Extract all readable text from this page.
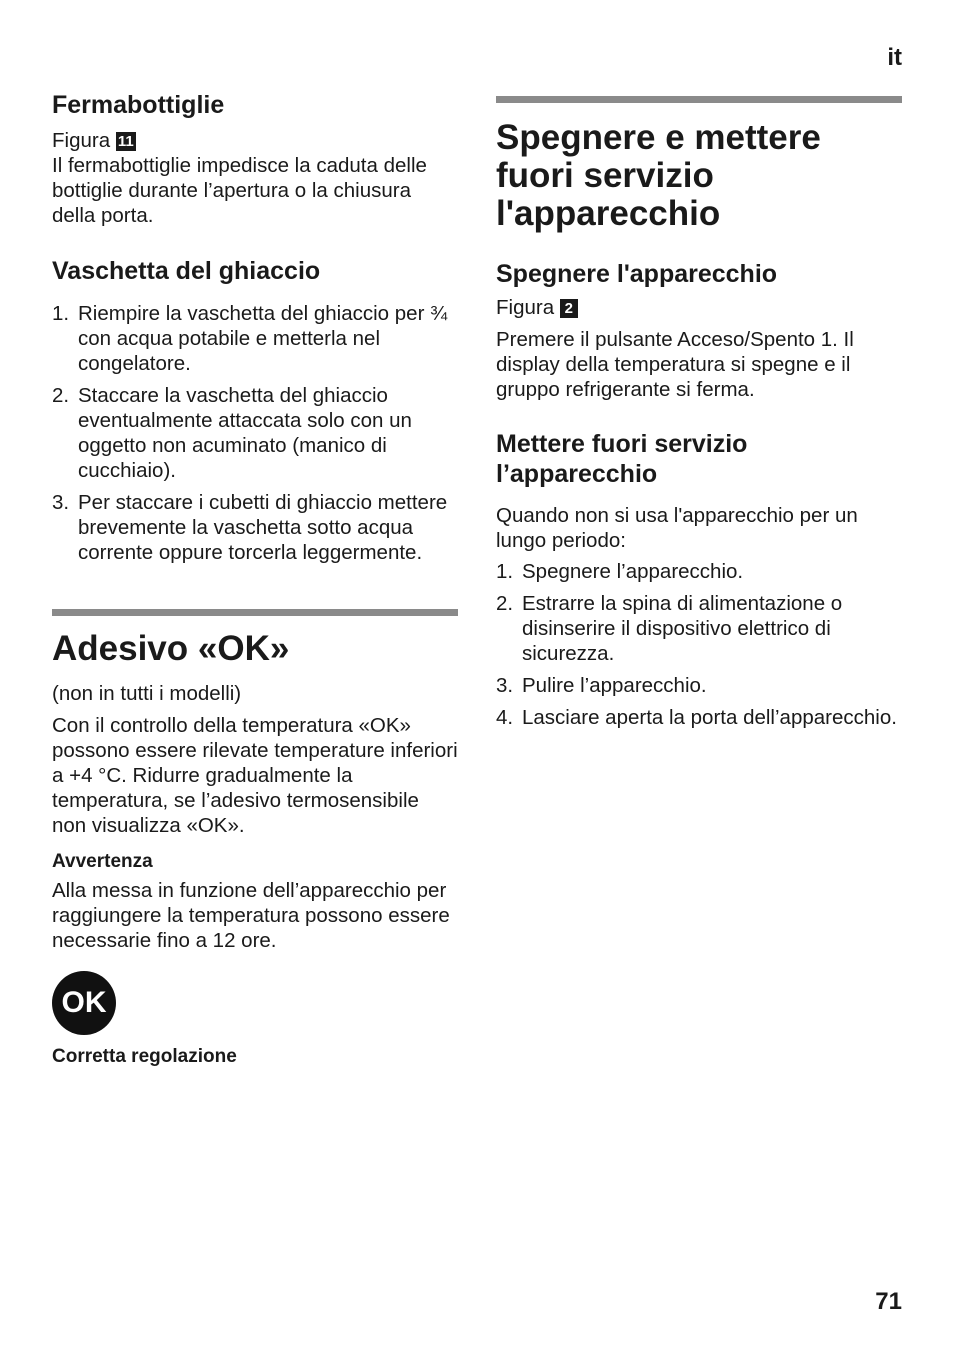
it
Fermabottiglie

Figura 11

Il fermabottiglie impedisce la caduta delle bottiglie durante l’apertura o la chiusura della porta.

Vaschetta del ghiaccio
1. Riempire la vaschetta del ghiaccio per ¾ con acqua potabile e metterla nel congelatore.
2. Staccare la vaschetta del ghiaccio eventualmente attaccata solo con un oggetto non acuminato (manico di cucchiaio).
3. Per staccare i cubetti di ghiaccio mettere brevemente la vaschetta sotto acqua corrente oppure torcerla leggermente.
Adesivo «OK»

(non in tutti i modelli)

Con il controllo della temperatura «OK» possono essere rilevate temperature inferiori a +4 °C. Ridurre gradualmente la temperatura, se l’adesivo termosensibile non visualizza «OK».

Avvertenza

Alla messa in funzione dell’apparecchio per raggiungere la temperatura possono essere necessarie fino a 12 ore.

OK

Corretta regolazione

Spegnere e mettere fuori servizio l'apparecchio
Spegnere l'apparecchio

Figura 2

Premere il pulsante Acceso/Spento 1. Il display della temperatura si spegne e il gruppo refrigerante si ferma.

Mettere fuori servizio l’apparecchio

Quando non si usa l'apparecchio per un lungo periodo:

1. Spegnere l’apparecchio.
2. Estrarre la spina di alimentazione o disinserire il dispositivo elettrico di sicurezza.
3. Pulire l’apparecchio.
4. Lasciare aperta la porta dell’apparecchio.
71
